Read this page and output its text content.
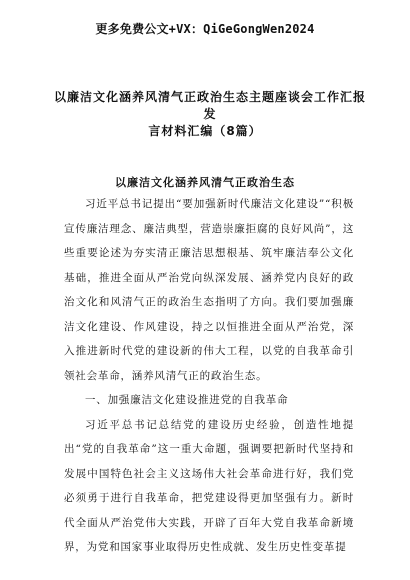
更多免费公文+VX：QiGeGongWen2024
以廉洁文化涵养风清气正政治生态主题座谈会工作汇报发
言材料汇编（8篇）
以廉洁文化涵养风清气正政治生态

习近平总书记提出“要加强新时代廉洁文化建设”“积极宣传廉洁理念、廉洁典型，营造崇廉拒腐的良好风尚”，这些重要论述为夯实清正廉洁思想根基、筑牢廉洁奉公文化基础，推进全面从严治党向纵深发展、涵养党内良好的政治文化和风清气正的政治生态指明了方向。我们要加强廉洁文化建设、作风建设，持之以恒推进全面从严治党，深入推进新时代党的建设新的伟大工程，以党的自我革命引领社会革命，涵养风清气正的政治生态。

一、加强廉洁文化建设推进党的自我革命

习近平总书记总结党的建设历史经验，创造性地提出“党的自我革命”这一重大命题，强调要把新时代坚持和发展中国特色社会主义这场伟大社会革命进行好，我们党必须勇于进行自我革命，把党建设得更加坚强有力。新时代全面从严治党伟大实践，开辟了百年大党自我革命新境界，为党和国家事业取得历史性成就、发生历史性变革提
